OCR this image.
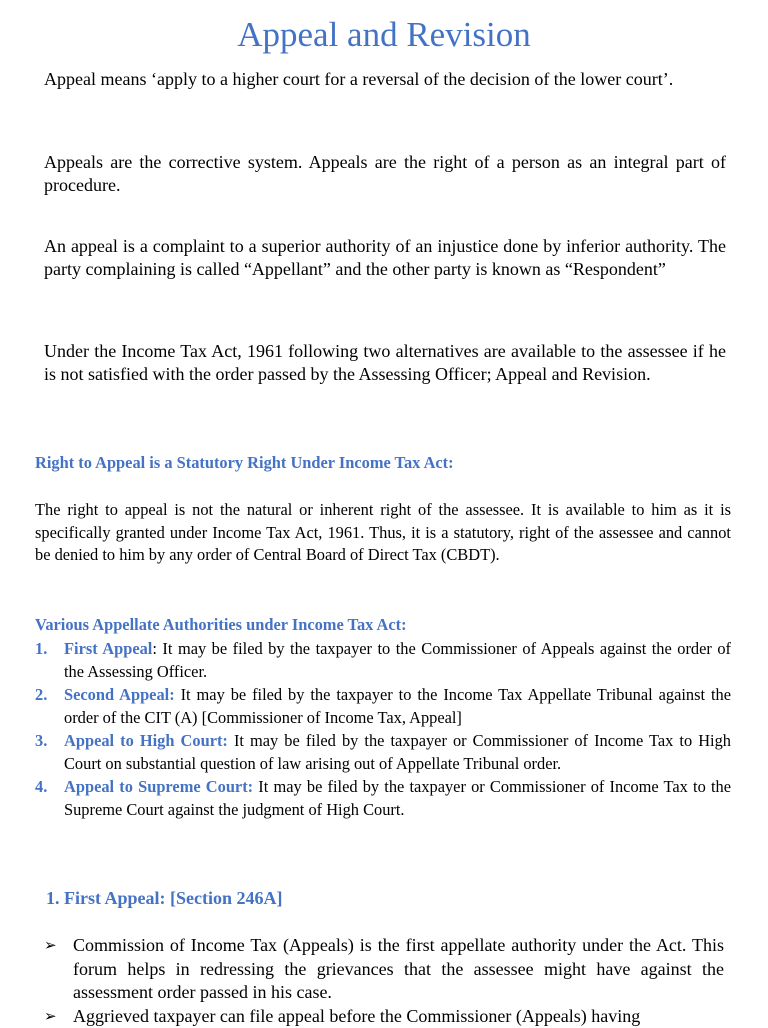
Appeal and Revision

Appeal means ‘apply to a higher court for a reversal of the decision of the lower court’.

Appeals are the corrective system. Appeals are the right of a person as an integral part of procedure.

An appeal is a complaint to a superior authority of an injustice done by inferior authority. The party complaining is called “Appellant” and the other party is known as “Respondent”

Under the Income Tax Act, 1961 following two alternatives are available to the assessee if he is not satisfied with the order passed by the Assessing Officer; Appeal and Revision.

Right to Appeal is a Statutory Right Under Income Tax Act:

The right to appeal is not the natural or inherent right of the assessee. It is available to him as it is specifically granted under Income Tax Act, 1961. Thus, it is a statutory, right of the assessee and cannot be denied to him by any order of Central Board of Direct Tax (CBDT).

Various Appellate Authorities under Income Tax Act:
1. First Appeal: It may be filed by the taxpayer to the Commissioner of Appeals against the order of the Assessing Officer.
2. Second Appeal: It may be filed by the taxpayer to the Income Tax Appellate Tribunal against the order of the CIT (A) [Commissioner of Income Tax, Appeal]
3. Appeal to High Court: It may be filed by the taxpayer or Commissioner of Income Tax to High Court on substantial question of law arising out of Appellate Tribunal order.
4. Appeal to Supreme Court: It may be filed by the taxpayer or Commissioner of Income Tax to the Supreme Court against the judgment of High Court.
1. First Appeal: [Section 246A]
➢ Commission of Income Tax (Appeals) is the first appellate authority under the Act. This forum helps in redressing the grievances that the assessee might have against the assessment order passed in his case.
➢ Aggrieved taxpayer can file appeal before the Commissioner (Appeals) having
